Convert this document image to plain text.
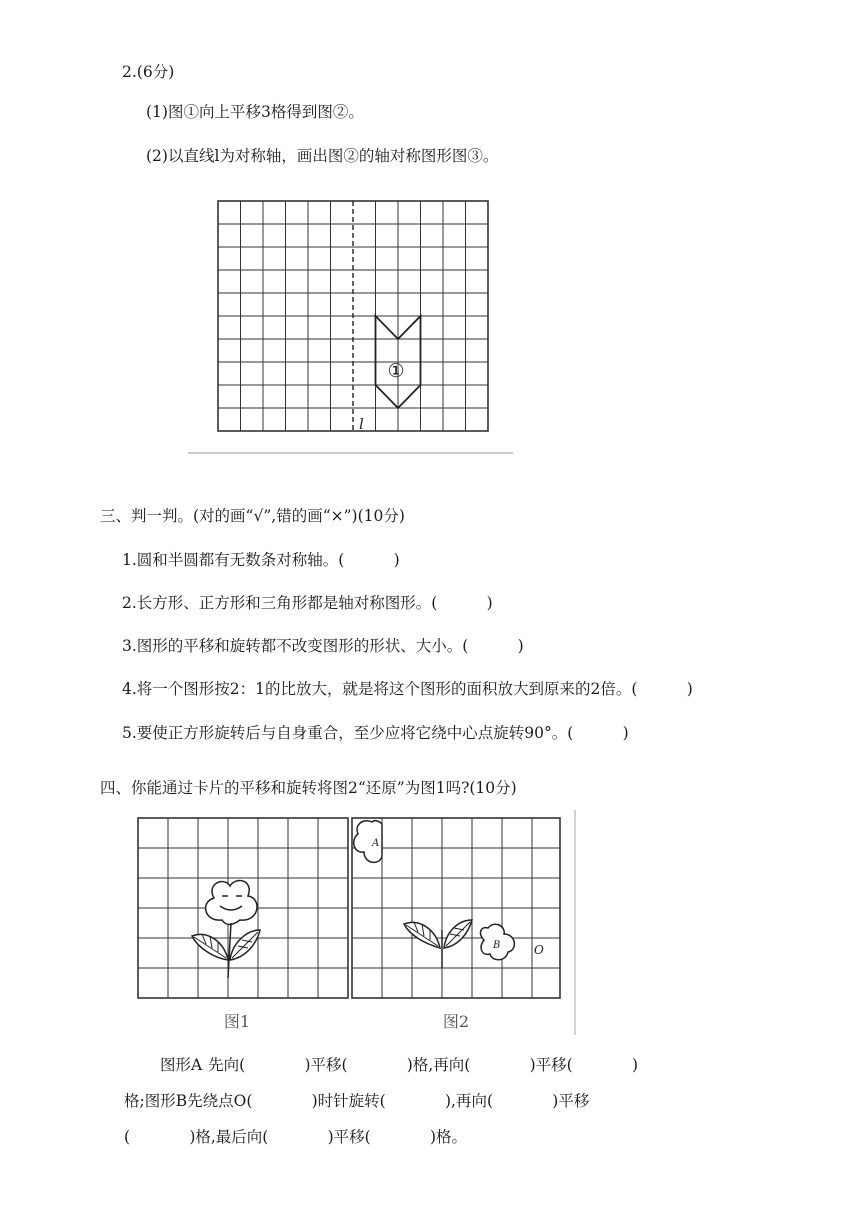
2.(6分)
(1)图①向上平移3格得到图②。
(2)以直线l为对称轴，画出图②的轴对称图形图③。
①
l
三、判一判。(对的画“√”,错的画“×”)(10分)
1.圆和半圆都有无数条对称轴。(          )
2.长方形、正方形和三角形都是轴对称图形。(          )
3.图形的平移和旋转都不改变图形的形状、大小。(          )
4.将一个图形按2：1的比放大，就是将这个图形的面积放大到原来的2倍。(          )
5.要使正方形旋转后与自身重合，至少应将它绕中心点旋转90°。(          )
四、你能通过卡片的平移和旋转将图2“还原”为图1吗?(10分)
图1
A
B	O
图2
图形A 先向(          )平移(          )格,再向(          )平移(          )
格;图形B先绕点O(          )时针旋转(          ),再向(          )平移
(          )格,最后向(          )平移(          )格。
